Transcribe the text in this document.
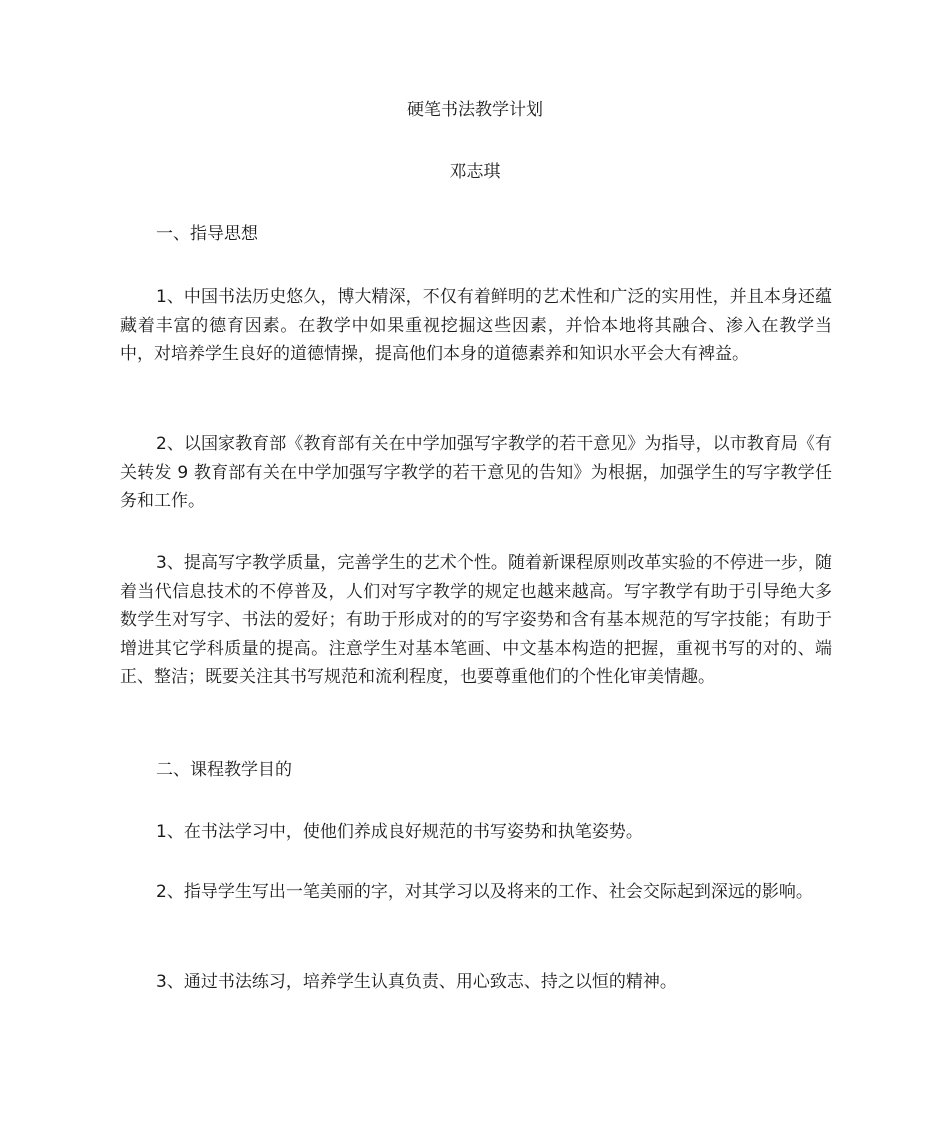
硬笔书法教学计划
邓志琪
一、指导思想
1、中国书法历史悠久，博大精深，不仅有着鲜明的艺术性和广泛的实用性，并且本身还蕴藏着丰富的德育因素。在教学中如果重视挖掘这些因素，并恰本地将其融合、渗入在教学当中，对培养学生良好的道德情操，提高他们本身的道德素养和知识水平会大有裨益。
2、以国家教育部《教育部有关在中学加强写字教学的若干意见》为指导，以市教育局《有关转发 9 教育部有关在中学加强写字教学的若干意见的告知》为根据，加强学生的写字教学任务和工作。
3、提高写字教学质量，完善学生的艺术个性。随着新课程原则改革实验的不停进一步，随着当代信息技术的不停普及，人们对写字教学的规定也越来越高。写字教学有助于引导绝大多数学生对写字、书法的爱好；有助于形成对的的写字姿势和含有基本规范的写字技能；有助于增进其它学科质量的提高。注意学生对基本笔画、中文基本构造的把握，重视书写的对的、端正、整洁；既要关注其书写规范和流利程度，也要尊重他们的个性化审美情趣。
二、课程教学目的
1、在书法学习中，使他们养成良好规范的书写姿势和执笔姿势。
2、指导学生写出一笔美丽的字，对其学习以及将来的工作、社会交际起到深远的影响。
3、通过书法练习，培养学生认真负责、用心致志、持之以恒的精神。
